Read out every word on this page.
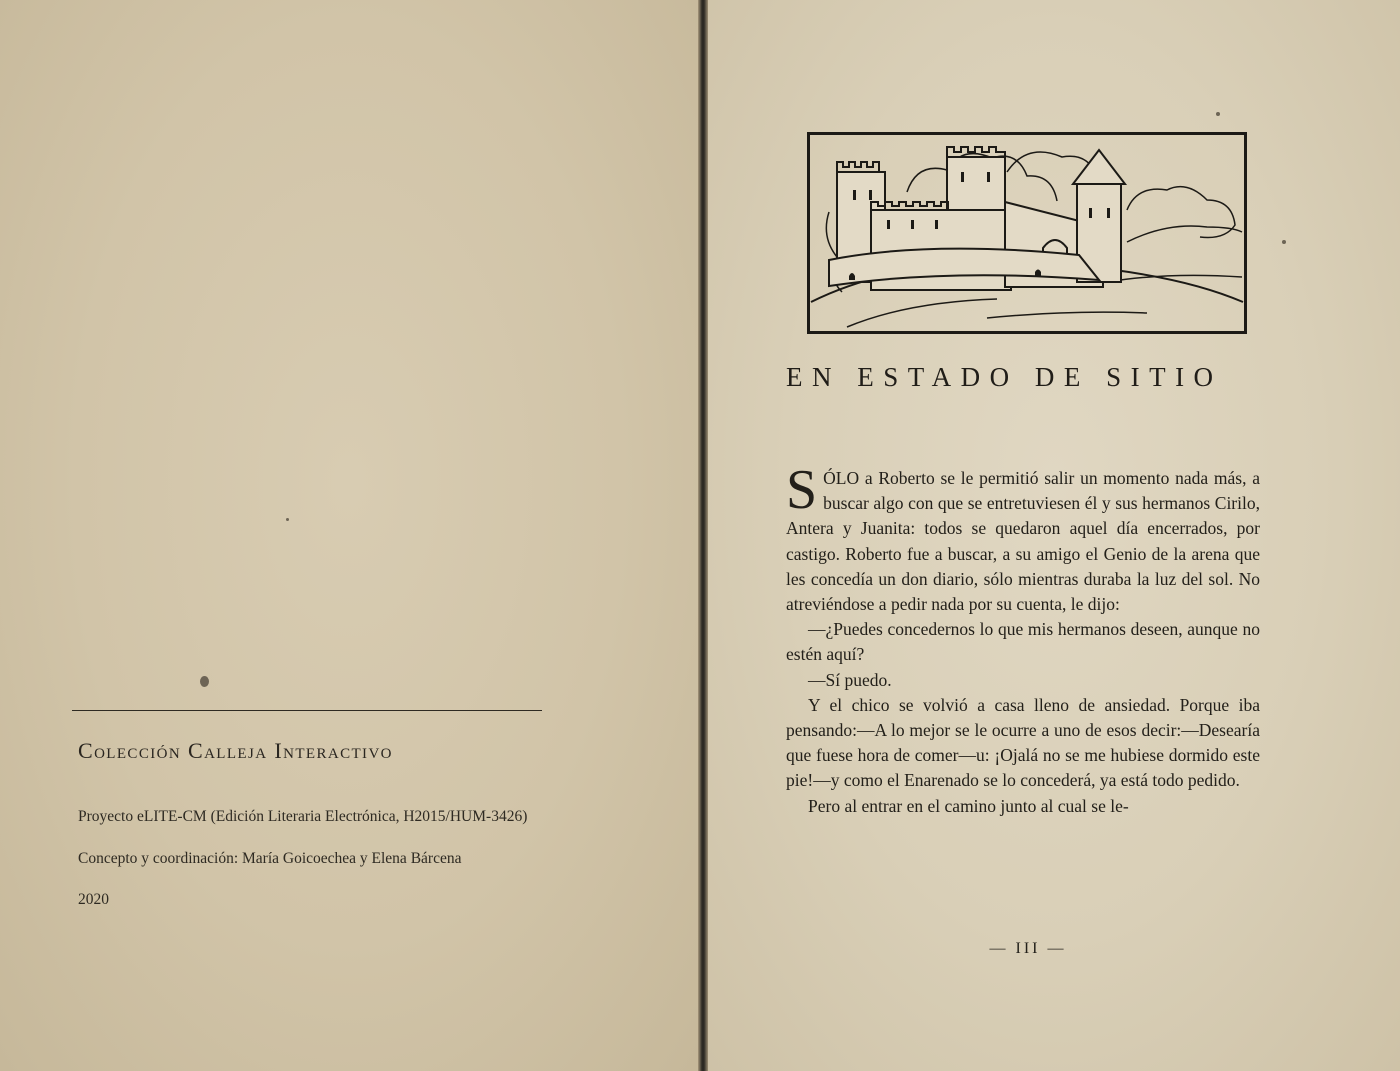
Colección Calleja Interactivo
Proyecto eLITE-CM (Edición Literaria Electrónica, H2015/HUM-3426)
Concepto y coordinación: María Goicoechea y Elena Bárcena
2020
EN ESTADO DE SITIO

SÓLO a Roberto se le permitió salir un momento nada más, a buscar algo con que se entretuviesen él y sus hermanos Cirilo, Antera y Juanita: todos se quedaron aquel día encerrados, por castigo. Roberto fue a buscar, a su amigo el Genio de la arena que les concedía un don diario, sólo mientras duraba la luz del sol. No atreviéndose a pedir nada por su cuenta, le dijo:

—¿Puedes concedernos lo que mis hermanos deseen, aunque no estén aquí?

—Sí puedo.

Y el chico se volvió a casa lleno de ansiedad. Porque iba pensando:—A lo mejor se le ocurre a uno de esos decir:—Desearía que fuese hora de comer—u: ¡Ojalá no se me hubiese dormido este pie!—y como el Enarenado se lo concederá, ya está todo pedido.

Pero al entrar en el camino junto al cual se le-

— III —
